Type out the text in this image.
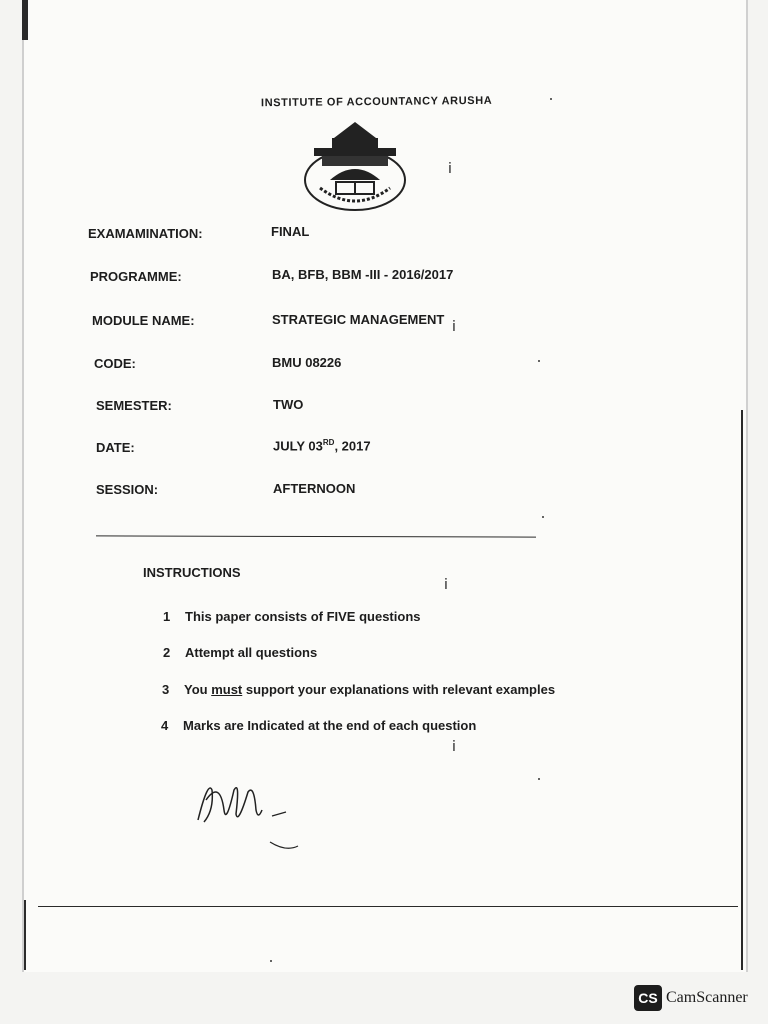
INSTITUTE OF ACCOUNTANCY ARUSHA
EXAMAMINATION:	FINAL
PROGRAMME:	BA, BFB, BBM -III - 2016/2017
MODULE NAME:	STRATEGIC MANAGEMENT
CODE:	BMU 08226
SEMESTER:	TWO
DATE:	JULY 03RD, 2017
SESSION:	AFTERNOON
INSTRUCTIONS
1 This paper consists of FIVE questions
2 Attempt all questions
3 You must support your explanations with relevant examples
4 Marks are Indicated at the end of each question
ⅰ
ⅰ
ⅰ
ⅰ
CS CamScanner
